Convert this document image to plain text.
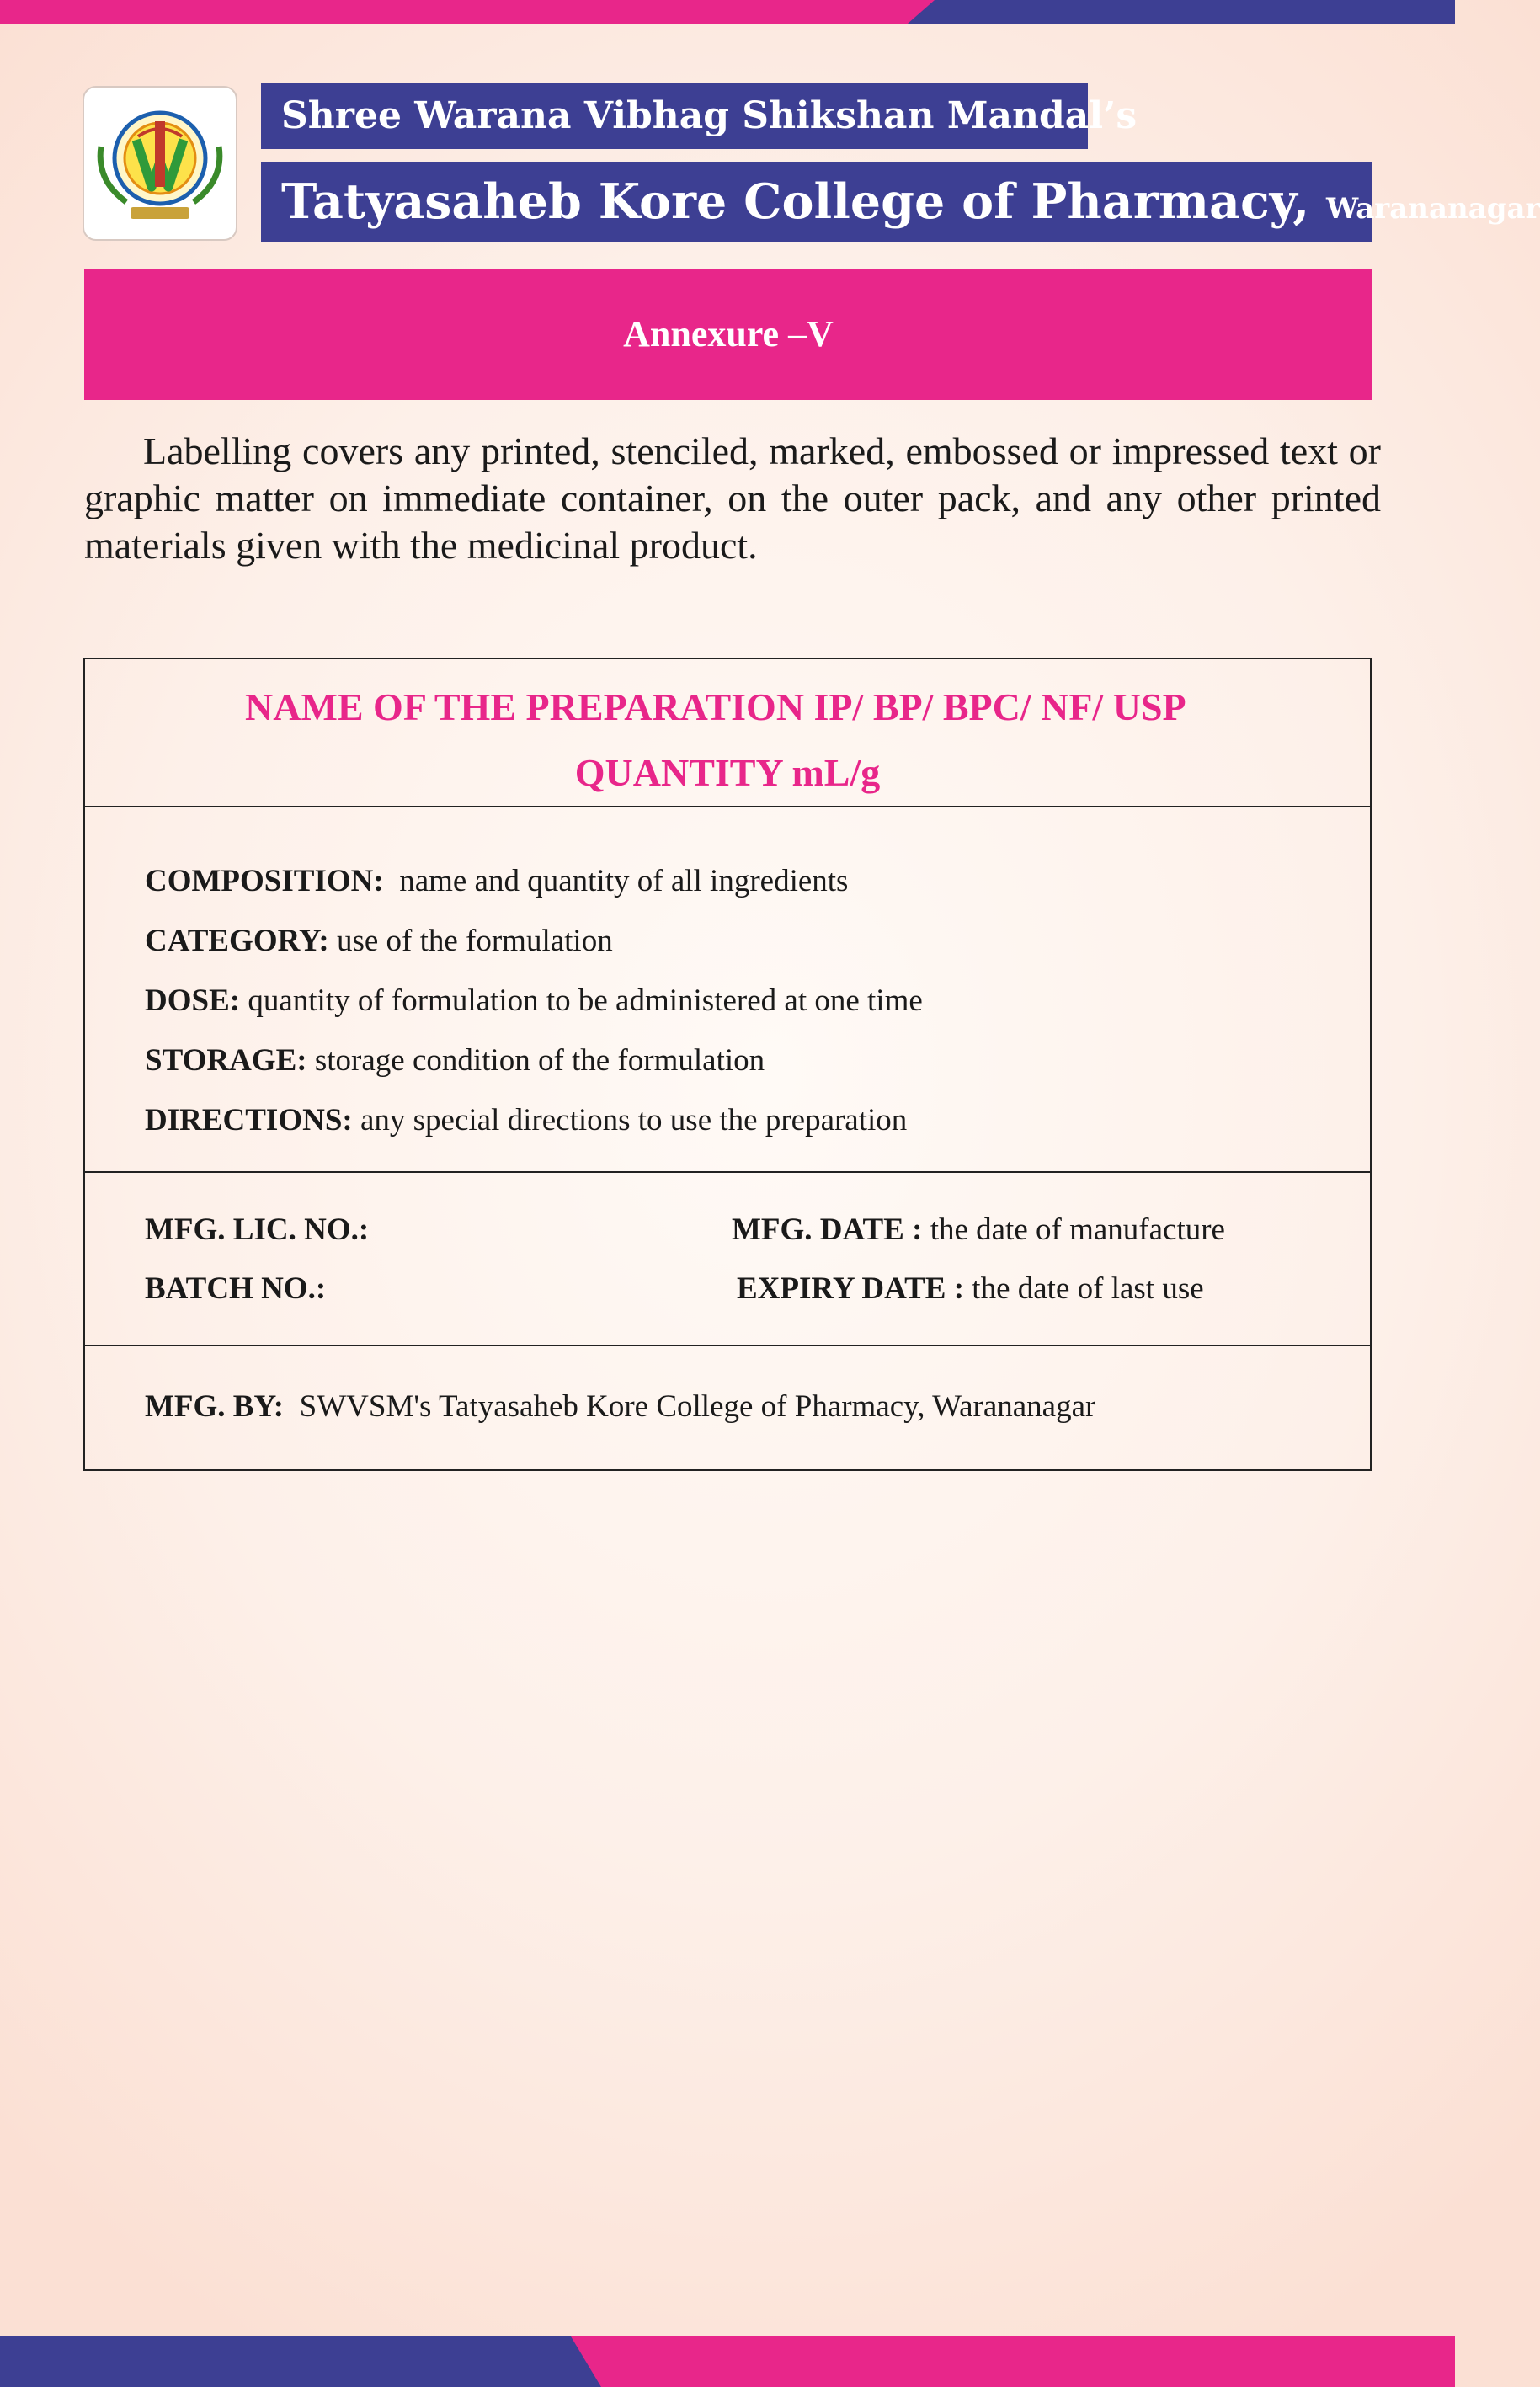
Shree Warana Vibhag Shikshan Mandal’s
Tatyasaheb Kore College of Pharmacy, Warananagar
Annexure –V

Labelling covers any printed, stenciled, marked, embossed or impressed text or graphic matter on immediate container, on the outer pack, and any other printed materials given with the medicinal product.

NAME OF THE PREPARATION IP/ BP/ BPC/ NF/ USP
QUANTITY mL/g
COMPOSITION: name and quantity of all ingredients
CATEGORY: use of the formulation
DOSE: quantity of formulation to be administered at one time
STORAGE: storage condition of the formulation
DIRECTIONS: any special directions to use the preparation
MFG. LIC. NO.:
BATCH NO.:
MFG. DATE : the date of manufacture
EXPIRY DATE : the date of last use
MFG. BY: SWVSM's Tatyasaheb Kore College of Pharmacy, Warananagar
